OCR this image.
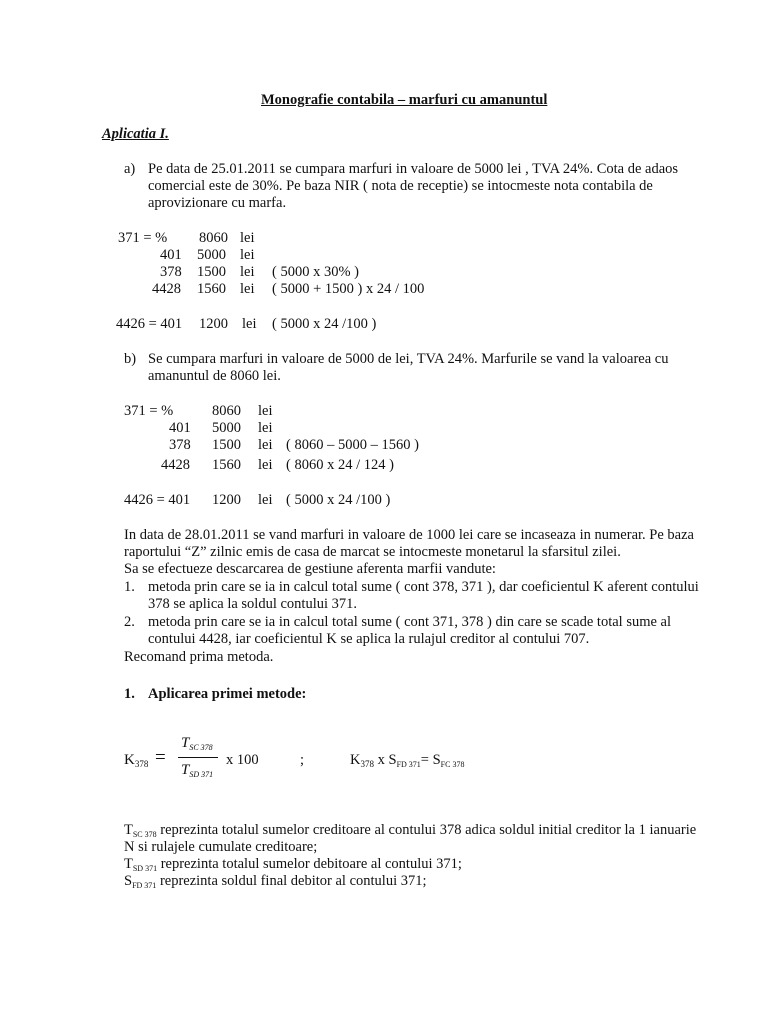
Monografie contabila – marfuri cu amanuntul
Aplicatia I.
a) Pe data de 25.01.2011 se cumpara marfuri in valoare de 5000 lei , TVA 24%. Cota de adaos
comercial este de 30%. Pe baza NIR ( nota de receptie) se intocmeste nota contabila de
aprovizionare cu marfa.
371 = % 8060 lei
401 5000 lei
378 1500 lei ( 5000 x 30% )
4428 1560 lei ( 5000 + 1500 ) x 24 / 100
4426 = 401 1200 lei ( 5000 x 24 /100 )
b) Se cumpara marfuri in valoare de 5000 de lei, TVA 24%. Marfurile se vand la valoarea cu
amanuntul de 8060 lei.
371 = %	8060 lei
401 5000 lei
378 1500 lei ( 8060 – 5000 – 1560 )
4428 1560 lei ( 8060 x 24 / 124 )
4426 = 401 1200 lei ( 5000 x 24 /100 )
In data de 28.01.2011 se vand marfuri in valoare de 1000 lei care se incaseaza in numerar. Pe baza
raportului “Z” zilnic emis de casa de marcat se intocmeste monetarul la sfarsitul zilei.
Sa se efectueze descarcarea de gestiune aferenta marfii vandute:
1. metoda prin care se ia in calcul total sume ( cont 378, 371 ), dar coeficientul K aferent contului
378 se aplica la soldul contului 371.
2. metoda prin care se ia in calcul total sume ( cont 371, 378 ) din care se scade total sume al
contului 4428, iar coeficientul K se aplica la rulajul creditor al contului 707.
Recomand prima metoda.
1. Aplicarea primei metode:
$K_{378}$ =
$T_{SC 378}$
$T_{SD 371}$
x 100	;	$K_{378}$ x $S_{FD 371}= S_{FC 378}$
$T_{SC 378}$ reprezinta totalul sumelor creditoare al contului 378 adica soldul initial creditor la 1 ianuarie
N si rulajele cumulate creditoare;
$T_{SD 371}$ reprezinta totalul sumelor debitoare al contului 371;
$S_{FD 371}$ reprezinta soldul final debitor al contului 371;
